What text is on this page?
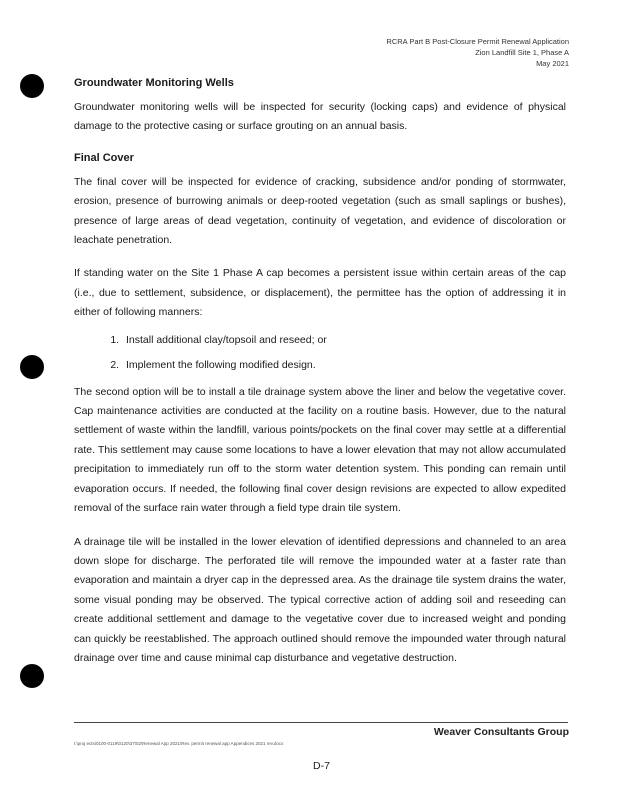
RCRA Part B Post-Closure Permit Renewal Application
Zion Landfill Site 1, Phase A
May 2021
Groundwater Monitoring Wells

Groundwater monitoring wells will be inspected for security (locking caps) and evidence of physical damage to the protective casing or surface grouting on an annual basis.

Final Cover

The final cover will be inspected for evidence of cracking, subsidence and/or ponding of stormwater, erosion, presence of burrowing animals or deep-rooted vegetation (such as small saplings or bushes), presence of large areas of dead vegetation, continuity of vegetation, and evidence of discoloration or leachate penetration.

If standing water on the Site 1 Phase A cap becomes a persistent issue within certain areas of the cap (i.e., due to settlement, subsidence, or displacement), the permittee has the option of addressing it in either of following manners:

1. Install additional clay/topsoil and reseed; or
2. Implement the following modified design.

The second option will be to install a tile drainage system above the liner and below the vegetative cover. Cap maintenance activities are conducted at the facility on a routine basis. However, due to the natural settlement of waste within the landfill, various points/pockets on the final cover may settle at a differential rate. This settlement may cause some locations to have a lower elevation that may not allow accumulated precipitation to immediately run off to the storm water detention system. This ponding can remain until evaporation occurs. If needed, the following final cover design revisions are expected to allow expedited removal of the surface rain water through a field type drain tile system.

A drainage tile will be installed in the lower elevation of identified depressions and channeled to an area down slope for discharge. The perforated tile will remove the impounded water at a faster rate than evaporation and maintain a dryer cap in the depressed area. As the drainage tile system drains the water, some visual ponding may be observed. The typical corrective action of adding soil and reseeding can create additional settlement and damage to the vegetative cover due to increased weight and ponding can quickly be reestablished. The approach outlined should remove the impounded water through natural drainage over time and cause minimal cap disturbance and vegetative destruction.

Weaver Consultants Group
I:\proj ects\0100-0119\0120\37\02\Renewal App 2021\Rev. permit renewal app Appendices 2021 rev.docx
D-7
